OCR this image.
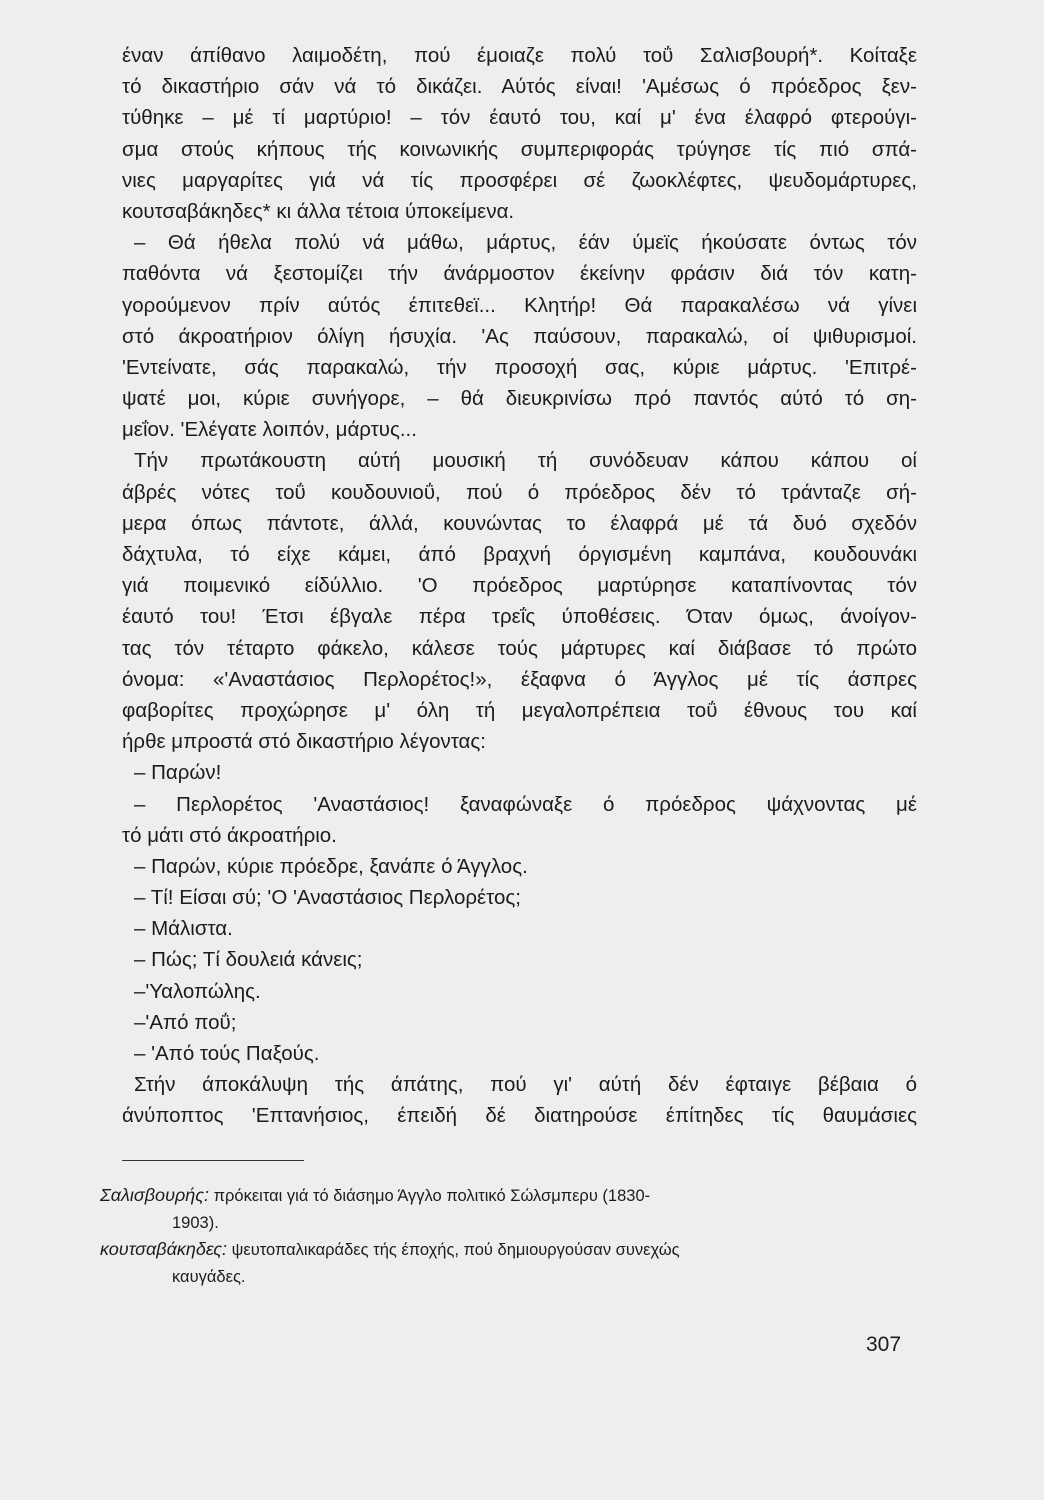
έναν άπίθανο λαιμοδέτη, πού έμοιαζε πολύ τοΰ Σαλισβουρή*. Κοίταξε
τό δικαστήριο σάν νά τό δικάζει. Αύτός είναι! 'Αμέσως ό πρόεδρος ξεν-
τύθηκε – μέ τί μαρτύριο! – τόν έαυτό του, καί μ' ένα έλαφρό φτερούγι-
σμα στούς κήπους τής κοινωνικής συμπεριφοράς τρύγησε τίς πιό σπά-
νιες μαργαρίτες γιά νά τίς προσφέρει σέ ζωοκλέφτες, ψευδομάρτυρες,
κουτσαβάκηδες* κι άλλα τέτοια ύποκείμενα.
– Θά ήθελα πολύ νά μάθω, μάρτυς, έάν ύμεϊς ήκούσατε όντως τόν
παθόντα νά ξεστομίζει τήν άνάρμοστον έκείνην φράσιν διά τόν κατη-
γορούμενον πρίν αύτός έπιτεθεϊ... Κλητήρ! Θά παρακαλέσω νά γίνει
στό άκροατήριον όλίγη ήσυχία. 'Ας παύσουν, παρακαλώ, οί ψιθυρισμοί.
'Εντείνατε, σάς παρακαλώ, τήν προσοχή σας, κύριε μάρτυς. 'Επιτρέ-
ψατέ μοι, κύριε συνήγορε, – θά διευκρινίσω πρό παντός αύτό τό ση-
μεΐον. 'Ελέγατε λοιπόν, μάρτυς...
Τήν πρωτάκουστη αύτή μουσική τή συνόδευαν κάπου κάπου οί
άβρές νότες τοΰ κουδουνιοΰ, πού ό πρόεδρος δέν τό τράνταζε σή-
μερα όπως πάντοτε, άλλά, κουνώντας το έλαφρά μέ τά δυό σχεδόν
δάχτυλα, τό είχε κάμει, άπό βραχνή όργισμένη καμπάνα, κουδουνάκι
γιά ποιμενικό είδύλλιο. 'Ο πρόεδρος μαρτύρησε καταπίνοντας τόν
έαυτό του! Έτσι έβγαλε πέρα τρεΐς ύποθέσεις. Όταν όμως, άνοίγον-
τας τόν τέταρτο φάκελο, κάλεσε τούς μάρτυρες καί διάβασε τό πρώτο
όνομα: «'Αναστάσιος Περλορέτος!», έξαφνα ό Άγγλος μέ τίς άσπρες
φαβορίτες προχώρησε μ' όλη τή μεγαλοπρέπεια τοΰ έθνους του καί
ήρθε μπροστά στό δικαστήριο λέγοντας:
– Παρών!
– Περλορέτος 'Αναστάσιος! ξαναφώναξε ό πρόεδρος ψάχνοντας μέ
τό μάτι στό άκροατήριο.
– Παρών, κύριε πρόεδρε, ξανάπε ό Άγγλος.
– Τί! Είσαι σύ; 'Ο 'Αναστάσιος Περλορέτος;
– Μάλιστα.
– Πώς; Τί δουλειά κάνεις;
–'Υαλοπώλης.
–'Από ποΰ;
– 'Από τούς Παξούς.
Στήν άποκάλυψη τής άπάτης, πού γι' αύτή δέν έφταιγε βέβαια ό
άνύποπτος 'Επτανήσιος, έπειδή δέ διατηρούσε έπίτηδες τίς θαυμάσιες
Σαλισβουρής: πρόκειται γιά τό διάσημο Άγγλο πολιτικό Σώλσμπερυ (1830-
1903).
κουτσαβάκηδες: ψευτοπαλικαράδες τής έποχής, πού δημιουργούσαν συνεχώς
καυγάδες.
307
